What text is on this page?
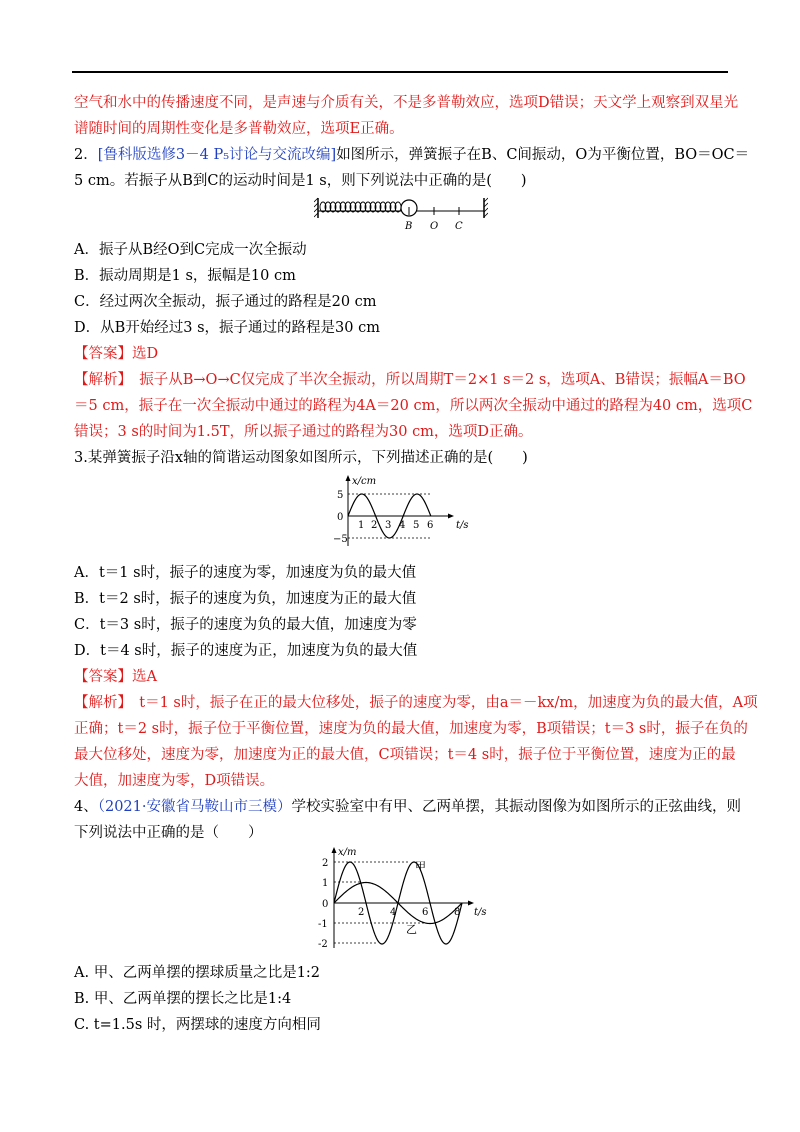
空气和水中的传播速度不同，是声速与介质有关，不是多普勒效应，选项D错误；天文学上观察到双星光
谱随时间的周期性变化是多普勒效应，选项E正确。
2．[鲁科版选修3－4 P₅讨论与交流改编]如图所示，弹簧振子在B、C间振动，O为平衡位置，BO＝OC＝
5 cm。若振子从B到C的运动时间是1 s，则下列说法中正确的是(　　)
B O C
A．振子从B经O到C完成一次全振动
B．振动周期是1 s，振幅是10 cm
C．经过两次全振动，振子通过的路程是20 cm
D．从B开始经过3 s，振子通过的路程是30 cm
【答案】选D
【解析】　振子从B→O→C仅完成了半次全振动，所以周期T＝2×1 s＝2 s，选项A、B错误；振幅A＝BO
＝5 cm，振子在一次全振动中通过的路程为4A＝20 cm，所以两次全振动中通过的路程为40 cm，选项C
错误；3 s的时间为1.5T，所以振子通过的路程为30 cm，选项D正确。
3.某弹簧振子沿x轴的简谐运动图象如图所示，下列描述正确的是(　　)
5
0
−5
1 2 3 4 5 6
x/cm
t/s
A．t＝1 s时，振子的速度为零，加速度为负的最大值
B．t＝2 s时，振子的速度为负，加速度为正的最大值
C．t＝3 s时，振子的速度为负的最大值，加速度为零
D．t＝4 s时，振子的速度为正，加速度为负的最大值
【答案】选A
【解析】　t＝1 s时，振子在正的最大位移处，振子的速度为零，由a＝－kx/m，加速度为负的最大值，A项
正确；t＝2 s时，振子位于平衡位置，速度为负的最大值，加速度为零，B项错误；t＝3 s时，振子在负的
最大位移处，速度为零，加速度为正的最大值，C项错误；t＝4 s时，振子位于平衡位置，速度为正的最
大值，加速度为零，D项错误。
4、（2021·安徽省马鞍山市三模）学校实验室中有甲、乙两单摆，其振动图像为如图所示的正弦曲线，则
下列说法中正确的是（　　）
2
1
0
-1
-2
2	4	6	8
x/m
t/s
甲
乙
A. 甲、乙两单摆的摆球质量之比是1:2
B. 甲、乙两单摆的摆长之比是1:4
C. t=1.5s 时，两摆球的速度方向相同
